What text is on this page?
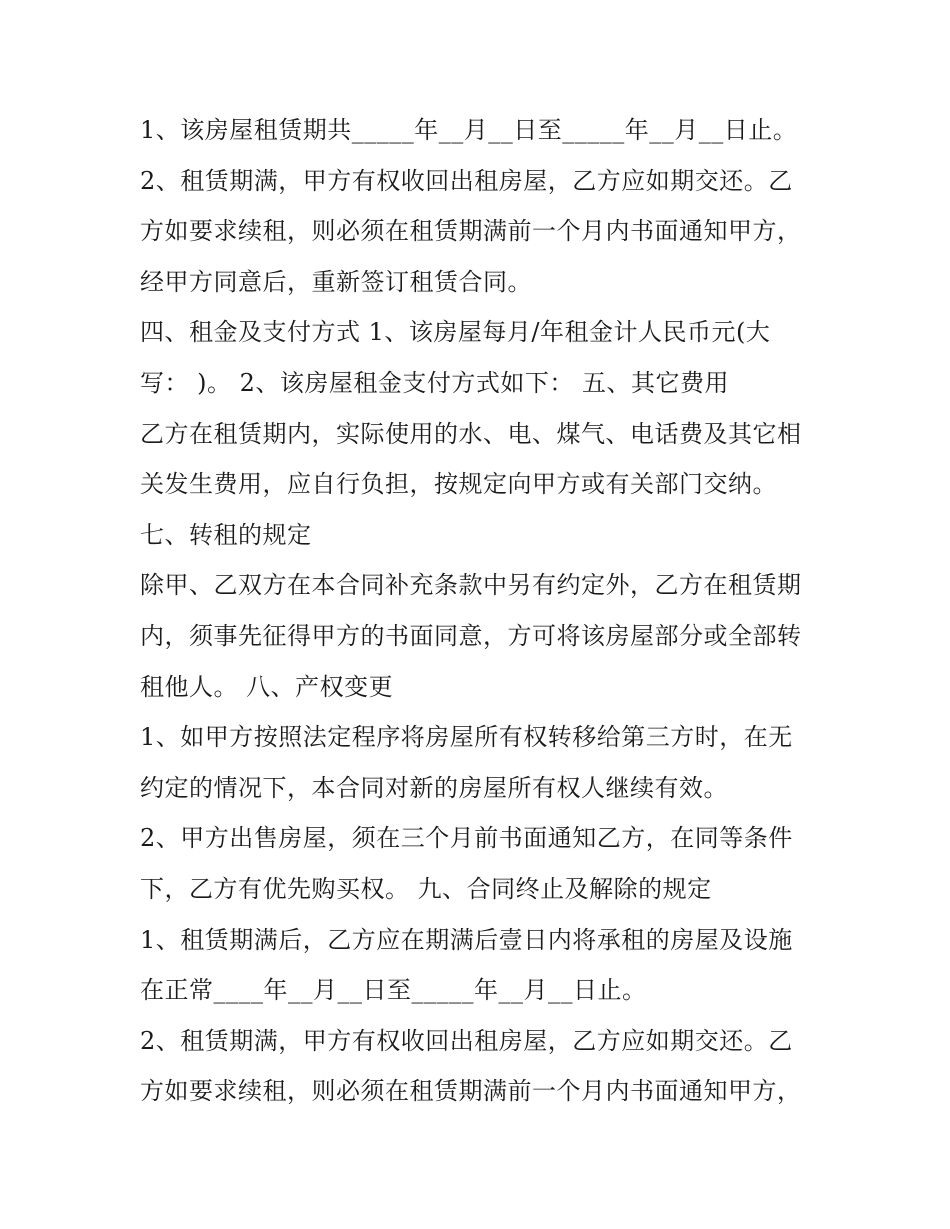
1、该房屋租赁期共_____年__月__日至_____年__月__日止。
2、租赁期满，甲方有权收回出租房屋，乙方应如期交还。乙
方如要求续租，则必须在租赁期满前一个月内书面通知甲方，
经甲方同意后，重新签订租赁合同。
四、租金及支付方式 1、该房屋每月/年租金计人民币元(大
写： )。 2、该房屋租金支付方式如下： 五、其它费用
乙方在租赁期内，实际使用的水、电、煤气、电话费及其它相
关发生费用，应自行负担，按规定向甲方或有关部门交纳。
七、转租的规定
除甲、乙双方在本合同补充条款中另有约定外，乙方在租赁期
内，须事先征得甲方的书面同意，方可将该房屋部分或全部转
租他人。 八、产权变更
1、如甲方按照法定程序将房屋所有权转移给第三方时，在无
约定的情况下，本合同对新的房屋所有权人继续有效。
2、甲方出售房屋，须在三个月前书面通知乙方，在同等条件
下，乙方有优先购买权。 九、合同终止及解除的规定
1、租赁期满后，乙方应在期满后壹日内将承租的房屋及设施
在正常____年__月__日至_____年__月__日止。
2、租赁期满，甲方有权收回出租房屋，乙方应如期交还。乙
方如要求续租，则必须在租赁期满前一个月内书面通知甲方，
